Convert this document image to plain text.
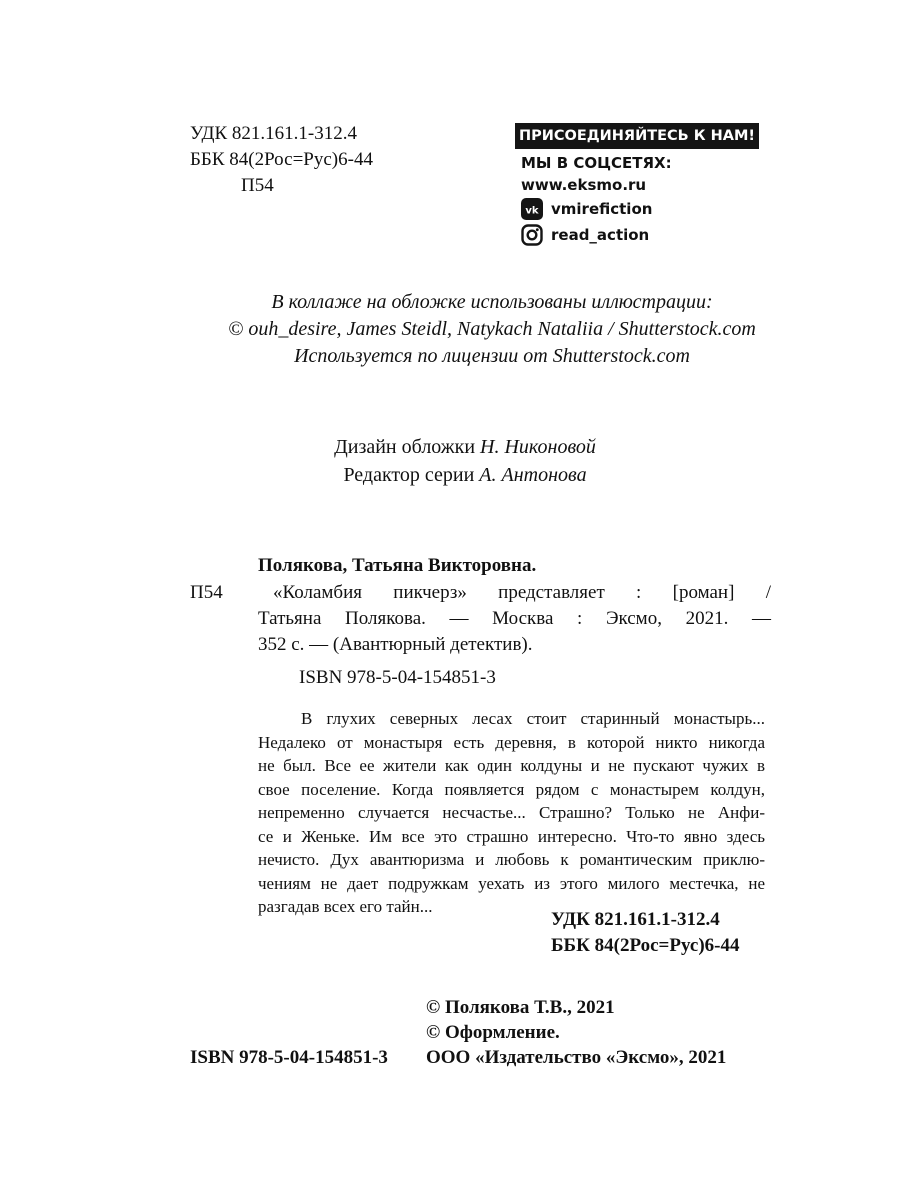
УДК 821.161.1-312.4
ББК 84(2Рос=Рус)6-44
П54
ПРИСОЕДИНЯЙТЕСЬ К НАМ!
МЫ В СОЦСЕТЯХ:
www.eksmo.ru
vk vmirefiction
read_action
В коллаже на обложке использованы иллюстрации:
© ouh_desire, James Steidl, Natykach Nataliia / Shutterstock.com
Используется по лицензии от Shutterstock.com
Дизайн обложки Н. Никоновой
Редактор серии А. Антонова
Полякова, Татьяна Викторовна.
П54	«Коламбия пикчерз» представляет : [роман] /
Татьяна Полякова. — Москва : Эксмо, 2021. —
352 с. — (Авантюрный детектив).
ISBN 978-5-04-154851-3
В глухих северных лесах стоит старинный монастырь...
Недалеко от монастыря есть деревня, в которой никто никогда
не был. Все ее жители как один колдуны и не пускают чужих в
свое поселение. Когда появляется рядом с монастырем колдун,
непременно случается несчастье... Страшно? Только не Анфи-
се и Женьке. Им все это страшно интересно. Что-то явно здесь
нечисто. Дух авантюризма и любовь к романтическим приклю-
чениям не дает подружкам уехать из этого милого местечка, не
разгадав всех его тайн...
УДК 821.161.1-312.4
ББК 84(2Рос=Рус)6-44
© Полякова Т.В., 2021
© Оформление.
ISBN 978-5-04-154851-3 ООО «Издательство «Эксмо», 2021
